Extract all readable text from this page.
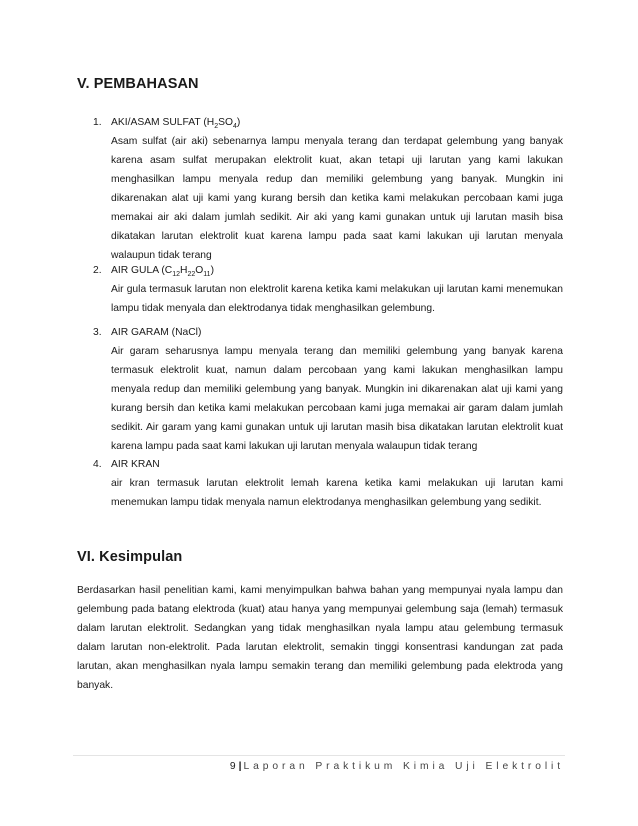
V. PEMBAHASAN
1. AKI/ASAM SULFAT $(H_2SO_4)$
Asam sulfat (air aki) sebenarnya lampu menyala terang dan terdapat gelembung yang banyak karena asam sulfat merupakan elektrolit kuat, akan tetapi uji larutan yang kami lakukan menghasilkan lampu menyala redup dan memiliki gelembung yang banyak. Mungkin ini dikarenakan alat uji kami yang kurang bersih dan ketika kami melakukan percobaan kami juga memakai air aki dalam jumlah sedikit. Air aki yang kami gunakan untuk uji larutan masih bisa dikatakan larutan elektrolit kuat karena lampu pada saat kami lakukan uji larutan menyala walaupun tidak terang
2. AIR GULA $(C_{12}H_{22}O_{11})$
Air gula termasuk larutan non elektrolit karena ketika kami melakukan uji larutan kami menemukan lampu tidak menyala dan elektrodanya tidak menghasilkan gelembung.
3. AIR GARAM (NaCl)
Air garam seharusnya lampu menyala terang dan memiliki gelembung yang banyak karena termasuk elektrolit kuat, namun dalam percobaan yang kami lakukan menghasilkan lampu menyala redup dan memiliki gelembung yang banyak. Mungkin ini dikarenakan alat uji kami yang kurang bersih dan ketika kami melakukan percobaan kami juga memakai air garam dalam jumlah sedikit. Air garam yang kami gunakan untuk uji larutan masih bisa dikatakan larutan elektrolit kuat karena lampu pada saat kami lakukan uji larutan menyala walaupun tidak terang
4. AIR KRAN
air kran termasuk larutan elektrolit lemah karena ketika kami melakukan uji larutan kami menemukan lampu tidak menyala namun elektrodanya menghasilkan gelembung yang sedikit.
VI. Kesimpulan
Berdasarkan hasil penelitian kami, kami menyimpulkan bahwa bahan yang mempunyai nyala lampu dan gelembung pada batang elektroda (kuat) atau hanya yang mempunyai gelembung saja (lemah) termasuk dalam larutan elektrolit. Sedangkan yang tidak menghasilkan nyala lampu atau gelembung termasuk dalam larutan non-elektrolit. Pada larutan elektrolit, semakin tinggi konsentrasi kandungan zat pada larutan, akan menghasilkan nyala lampu semakin terang dan memiliki gelembung pada elektroda yang banyak.
9 | Laporan Praktikum Kimia Uji Elektrolit
